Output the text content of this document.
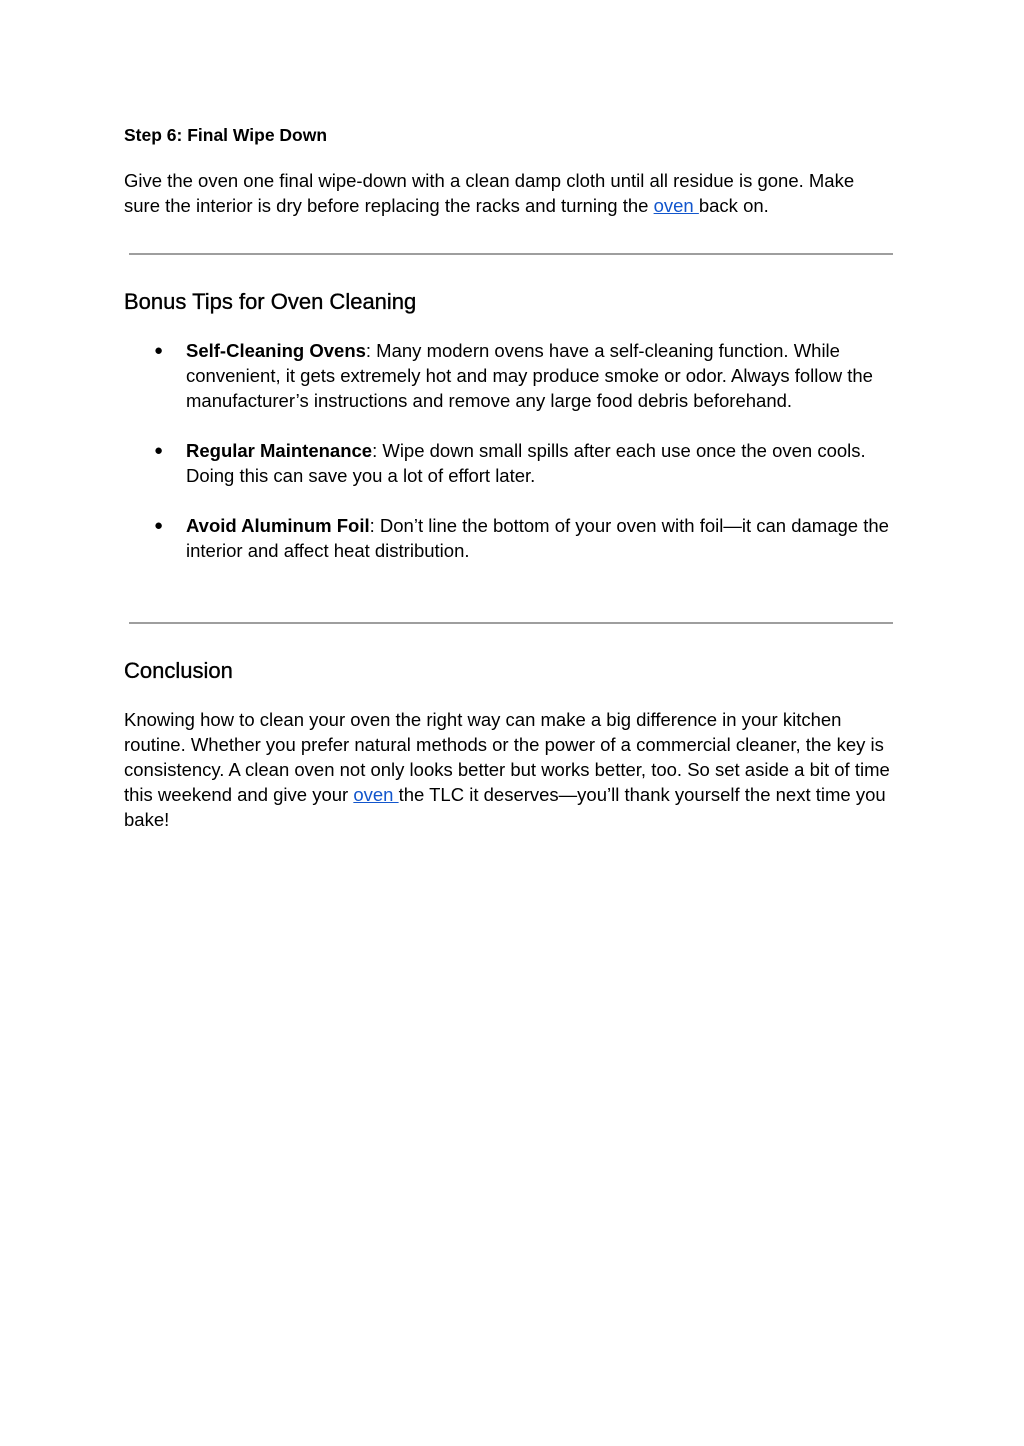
Step 6: Final Wipe Down

Give the oven one final wipe-down with a clean damp cloth until all residue is gone. Make sure the interior is dry before replacing the racks and turning the oven back on.

Bonus Tips for Oven Cleaning
● Self-Cleaning Ovens: Many modern ovens have a self-cleaning function. While convenient, it gets extremely hot and may produce smoke or odor. Always follow the manufacturer’s instructions and remove any large food debris beforehand.
● Regular Maintenance: Wipe down small spills after each use once the oven cools. Doing this can save you a lot of effort later.
● Avoid Aluminum Foil: Don’t line the bottom of your oven with foil—it can damage the interior and affect heat distribution.
Conclusion

Knowing how to clean your oven the right way can make a big difference in your kitchen routine. Whether you prefer natural methods or the power of a commercial cleaner, the key is consistency. A clean oven not only looks better but works better, too. So set aside a bit of time this weekend and give your oven the TLC it deserves—you’ll thank yourself the next time you bake!
